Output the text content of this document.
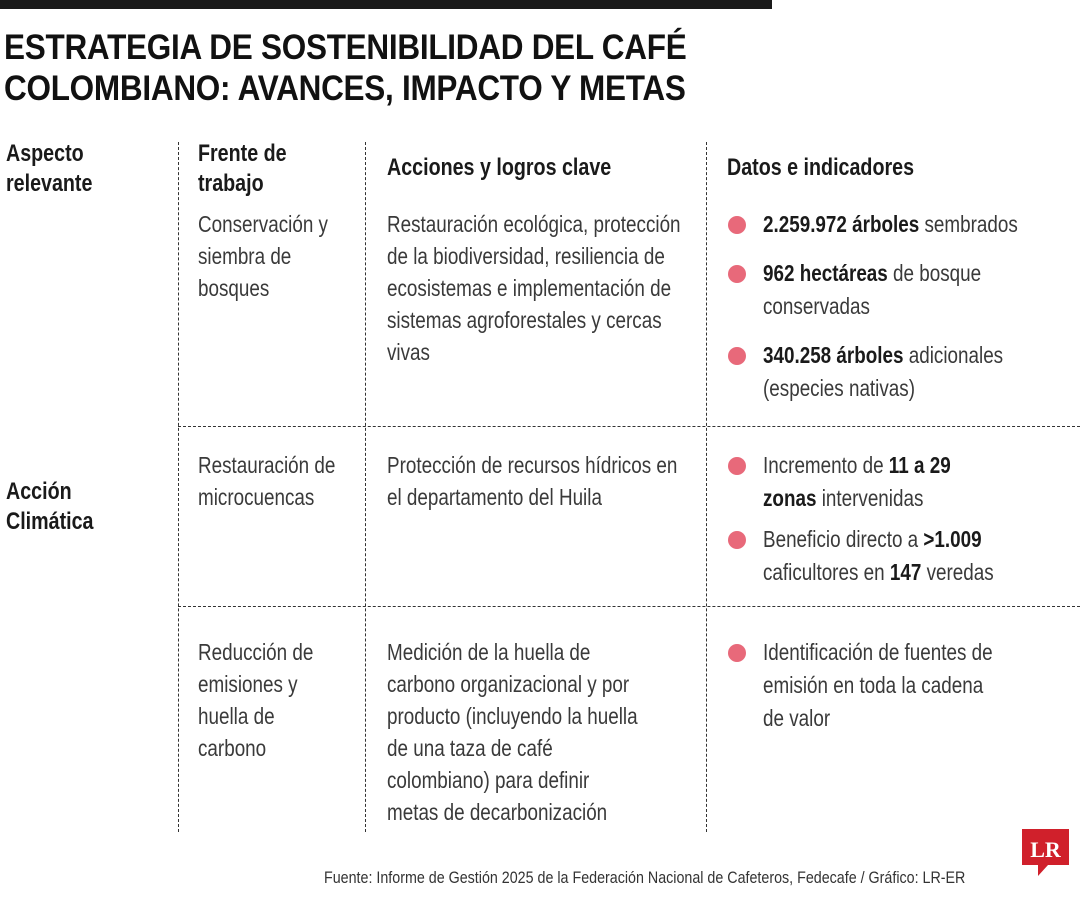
ESTRATEGIA DE SOSTENIBILIDAD DEL CAFÉ COLOMBIANO: AVANCES, IMPACTO Y METAS
Aspecto relevante
Frente de trabajo
Acciones y logros clave	Datos e indicadores
Acción Climática
Conservación y siembra de bosques
Restauración ecológica, protección de la biodiversidad, resiliencia de ecosistemas e implementación de sistemas agroforestales y cercas vivas
2.259.972 árboles sembrados
962 hectáreas de bosque conservadas
340.258 árboles adicionales (especies nativas)
Restauración de microcuencas
Protección de recursos hídricos en el departamento del Huila
Incremento de 11 a 29 zonas intervenidas
Beneficio directo a >1.009 caficultores en 147 veredas
Reducción de emisiones y huella de carbono
Medición de la huella de carbono organizacional y por producto (incluyendo la huella de una taza de café colombiano) para definir metas de decarbonización
Identificación de fuentes de emisión en toda la cadena de valor
Fuente: Informe de Gestión 2025 de la Federación Nacional de Cafeteros, Fedecafe / Gráfico: LR-ER
LR
